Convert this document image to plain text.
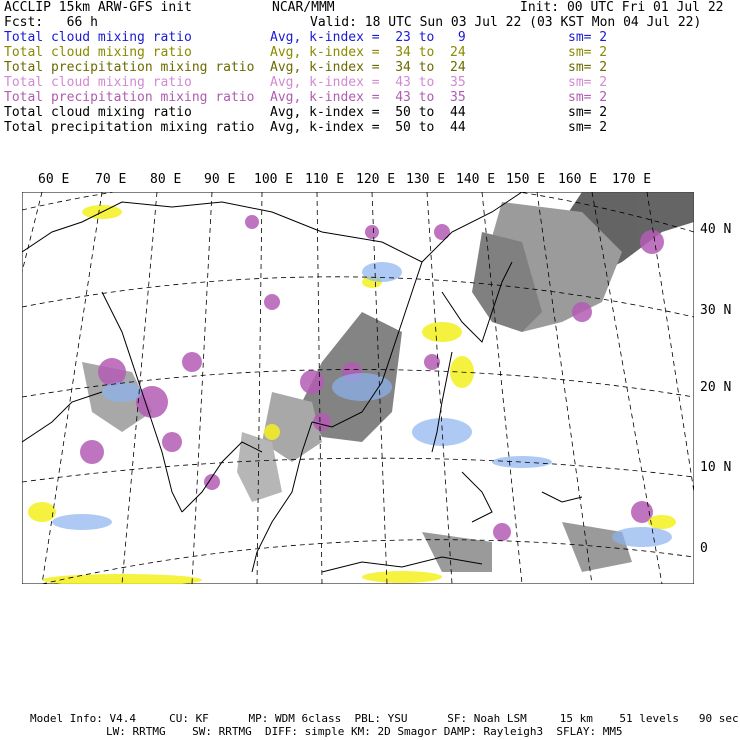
ACCLIP 15km ARW-GFS init	NCAR/MMM	Init: 00 UTC Fri 01 Jul 22
Fcst:   66 h	Valid: 18 UTC Sun 03 Jul 22 (03 KST Mon 04 Jul 22)
Total cloud mixing ratio	Avg, k-index =  23 to   9	sm= 2
Total cloud mixing ratio	Avg, k-index =  34 to  24	sm= 2
Total precipitation mixing ratio Avg, k-index =  34 to  24	sm= 2
Total cloud mixing ratio	Avg, k-index =  43 to  35	sm= 2
Total precipitation mixing ratio Avg, k-index =  43 to  35	sm= 2
Total cloud mixing ratio	Avg, k-index =  50 to  44	sm= 2
Total precipitation mixing ratio Avg, k-index =  50 to  44	sm= 2
60 E 70 E 80 E 90 E 100 E 110 E 120 E 130 E 140 E 150 E 160 E 170 E
40 N
30 N
20 N
10 N
0
Model Info: V4.4     CU: KF      MP: WDM 6class  PBL: YSU      SF: Noah LSM     15 km    51 levels   90 sec
LW: RRTMG    SW: RRTMG  DIFF: simple KM: 2D Smagor DAMP: Rayleigh3  SFLAY: MM5
